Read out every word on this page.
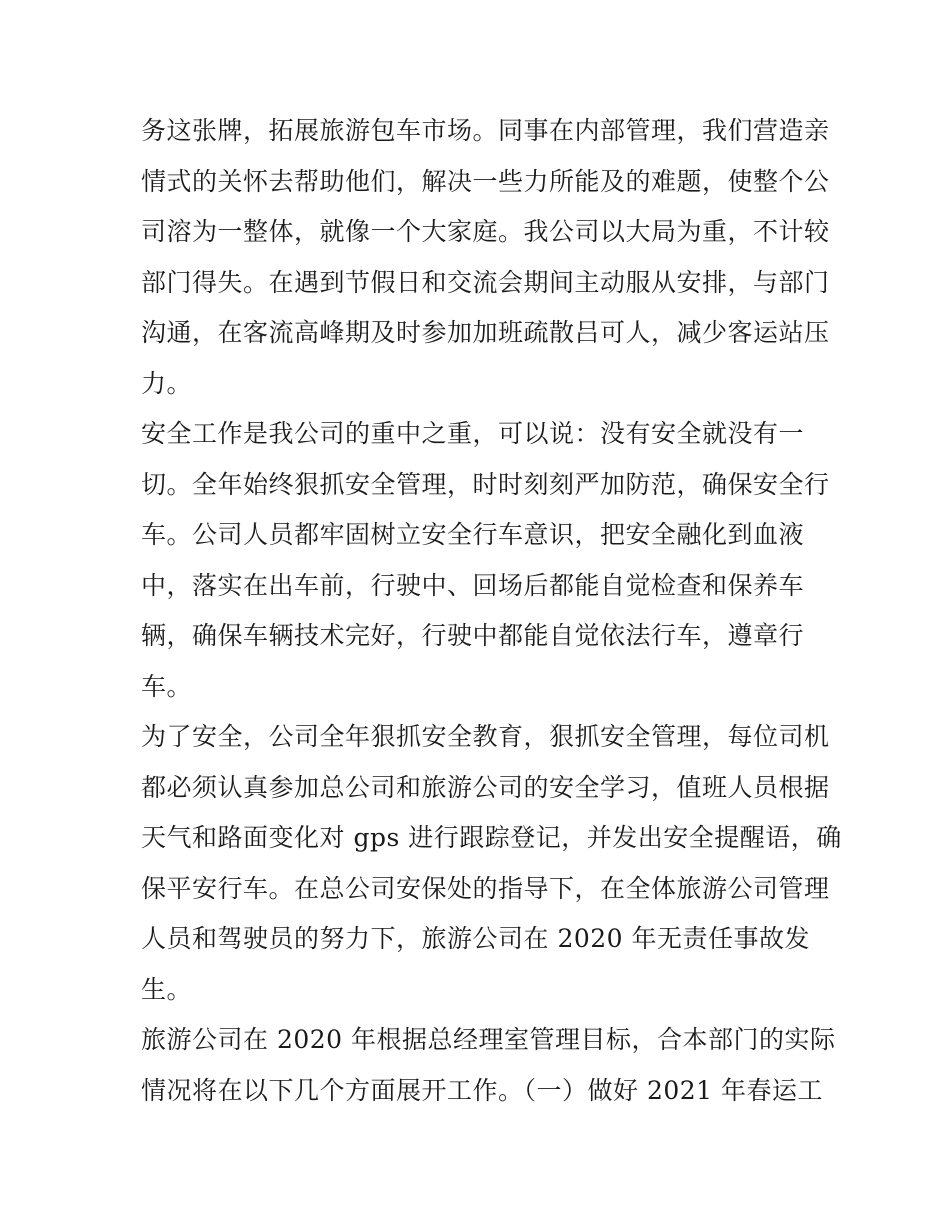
务这张牌，拓展旅游包车市场。同事在内部管理，我们营造亲
情式的关怀去帮助他们，解决一些力所能及的难题，使整个公
司溶为一整体，就像一个大家庭。我公司以大局为重，不计较
部门得失。在遇到节假日和交流会期间主动服从安排，与部门
沟通，在客流高峰期及时参加加班疏散吕可人，减少客运站压
力。
安全工作是我公司的重中之重，可以说：没有安全就没有一
切。全年始终狠抓安全管理，时时刻刻严加防范，确保安全行
车。公司人员都牢固树立安全行车意识，把安全融化到血液
中，落实在出车前，行驶中、回场后都能自觉检查和保养车
辆，确保车辆技术完好，行驶中都能自觉依法行车，遵章行
车。
为了安全，公司全年狠抓安全教育，狠抓安全管理，每位司机
都必须认真参加总公司和旅游公司的安全学习，值班人员根据
天气和路面变化对 gps 进行跟踪登记，并发出安全提醒语，确
保平安行车。在总公司安保处的指导下，在全体旅游公司管理
人员和驾驶员的努力下，旅游公司在 2020 年无责任事故发
生。
旅游公司在 2020 年根据总经理室管理目标，合本部门的实际
情况将在以下几个方面展开工作。（一）做好 2021 年春运工
